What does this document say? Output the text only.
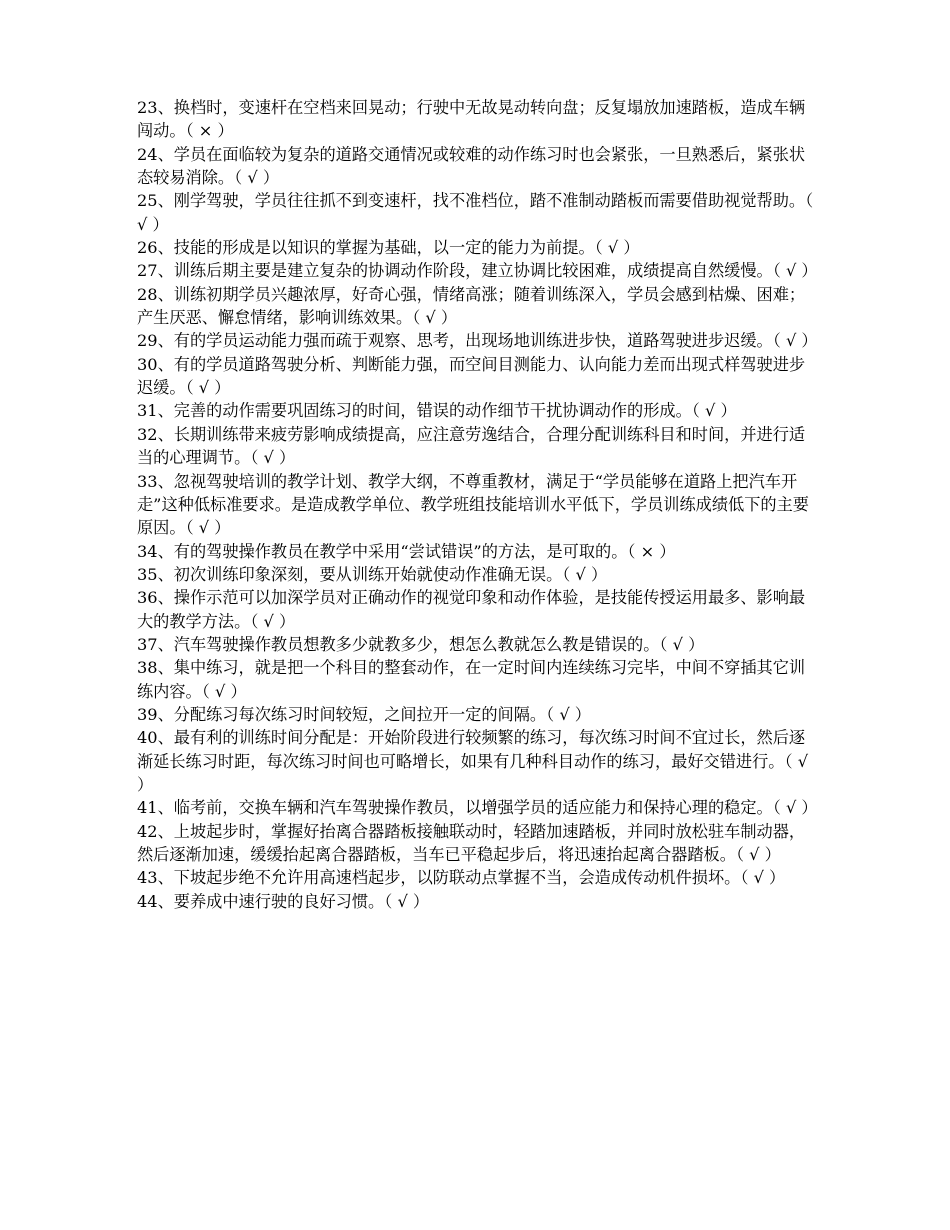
23、换档时，变速杆在空档来回晃动；行驶中无故晃动转向盘；反复塌放加速踏板，造成车辆闯动。（ × ）

24、学员在面临较为复杂的道路交通情况或较难的动作练习时也会紧张，一旦熟悉后，紧张状态较易消除。（ √ ）

25、刚学驾驶，学员往往抓不到变速杆，找不准档位，踏不准制动踏板而需要借助视觉帮助。（ √ ）

26、技能的形成是以知识的掌握为基础，以一定的能力为前提。（ √ ）

27、训练后期主要是建立复杂的协调动作阶段，建立协调比较困难，成绩提高自然缓慢。（ √ ）

28、训练初期学员兴趣浓厚，好奇心强，情绪高涨；随着训练深入，学员会感到枯燥、困难；产生厌恶、懈怠情绪，影响训练效果。（ √ ）

29、有的学员运动能力强而疏于观察、思考，出现场地训练进步快，道路驾驶进步迟缓。（ √ ）

30、有的学员道路驾驶分析、判断能力强，而空间目测能力、认向能力差而出现式样驾驶进步迟缓。（ √ ）

31、完善的动作需要巩固练习的时间，错误的动作细节干扰协调动作的形成。（ √ ）

32、长期训练带来疲劳影响成绩提高，应注意劳逸结合，合理分配训练科目和时间，并进行适当的心理调节。（ √ ）

33、忽视驾驶培训的教学计划、教学大纲，不尊重教材，满足于“学员能够在道路上把汽车开走”这种低标准要求。是造成教学单位、教学班组技能培训水平低下，学员训练成绩低下的主要原因。（ √ ）

34、有的驾驶操作教员在教学中采用“尝试错误”的方法，是可取的。（ × ）

35、初次训练印象深刻，要从训练开始就使动作准确无误。（ √ ）

36、操作示范可以加深学员对正确动作的视觉印象和动作体验，是技能传授运用最多、影响最大的教学方法。（ √ ）

37、汽车驾驶操作教员想教多少就教多少，想怎么教就怎么教是错误的。（ √ ）

38、集中练习，就是把一个科目的整套动作，在一定时间内连续练习完毕，中间不穿插其它训练内容。（ √ ）

39、分配练习每次练习时间较短，之间拉开一定的间隔。（ √ ）

40、最有利的训练时间分配是：开始阶段进行较频繁的练习，每次练习时间不宜过长，然后逐渐延长练习时距，每次练习时间也可略增长，如果有几种科目动作的练习，最好交错进行。（ √ ）

41、临考前，交换车辆和汽车驾驶操作教员，以增强学员的适应能力和保持心理的稳定。（ √ ）

42、上坡起步时，掌握好抬离合器踏板接触联动时，轻踏加速踏板，并同时放松驻车制动器，然后逐渐加速，缓缓抬起离合器踏板，当车已平稳起步后，将迅速抬起离合器踏板。（ √ ）

43、下坡起步绝不允许用高速档起步，以防联动点掌握不当，会造成传动机件损坏。（ √ ）

44、要养成中速行驶的良好习惯。（ √ ）
